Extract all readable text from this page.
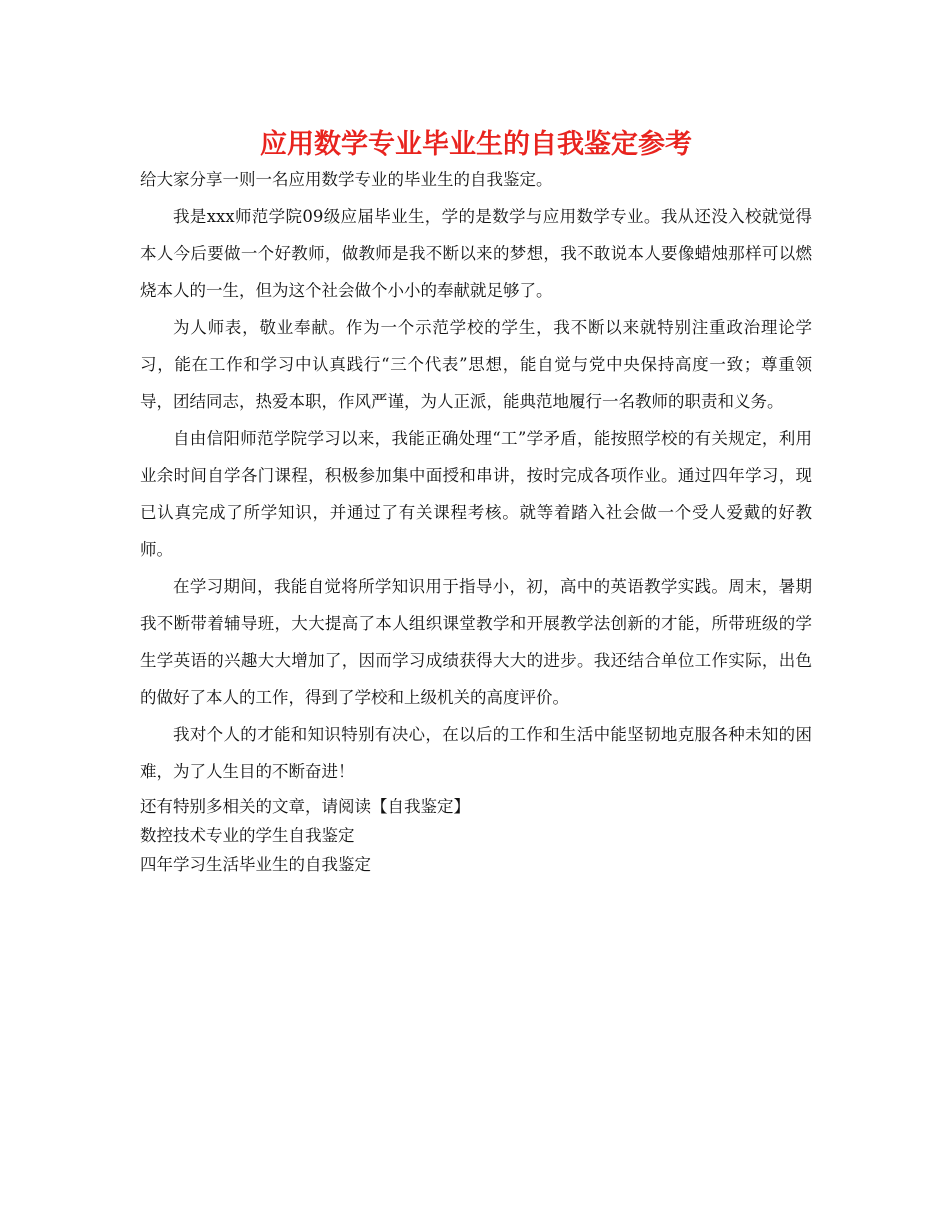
应用数学专业毕业生的自我鉴定参考

给大家分享一则一名应用数学专业的毕业生的自我鉴定。

我是xxx师范学院09级应届毕业生，学的是数学与应用数学专业。我从还没入校就觉得本人今后要做一个好教师，做教师是我不断以来的梦想，我不敢说本人要像蜡烛那样可以燃烧本人的一生，但为这个社会做个小小的奉献就足够了。

为人师表，敬业奉献。作为一个示范学校的学生，我不断以来就特别注重政治理论学习，能在工作和学习中认真践行“三个代表”思想，能自觉与党中央保持高度一致；尊重领导，团结同志，热爱本职，作风严谨，为人正派，能典范地履行一名教师的职责和义务。

自由信阳师范学院学习以来，我能正确处理“工”学矛盾，能按照学校的有关规定，利用业余时间自学各门课程，积极参加集中面授和串讲，按时完成各项作业。通过四年学习，现已认真完成了所学知识，并通过了有关课程考核。就等着踏入社会做一个受人爱戴的好教师。

在学习期间，我能自觉将所学知识用于指导小，初，高中的英语教学实践。周末，暑期我不断带着辅导班，大大提高了本人组织课堂教学和开展教学法创新的才能，所带班级的学生学英语的兴趣大大增加了，因而学习成绩获得大大的进步。我还结合单位工作实际，出色的做好了本人的工作，得到了学校和上级机关的高度评价。

我对个人的才能和知识特别有决心，在以后的工作和生活中能坚韧地克服各种未知的困难，为了人生目的不断奋进！

还有特别多相关的文章，请阅读【自我鉴定】

数控技术专业的学生自我鉴定

四年学习生活毕业生的自我鉴定
